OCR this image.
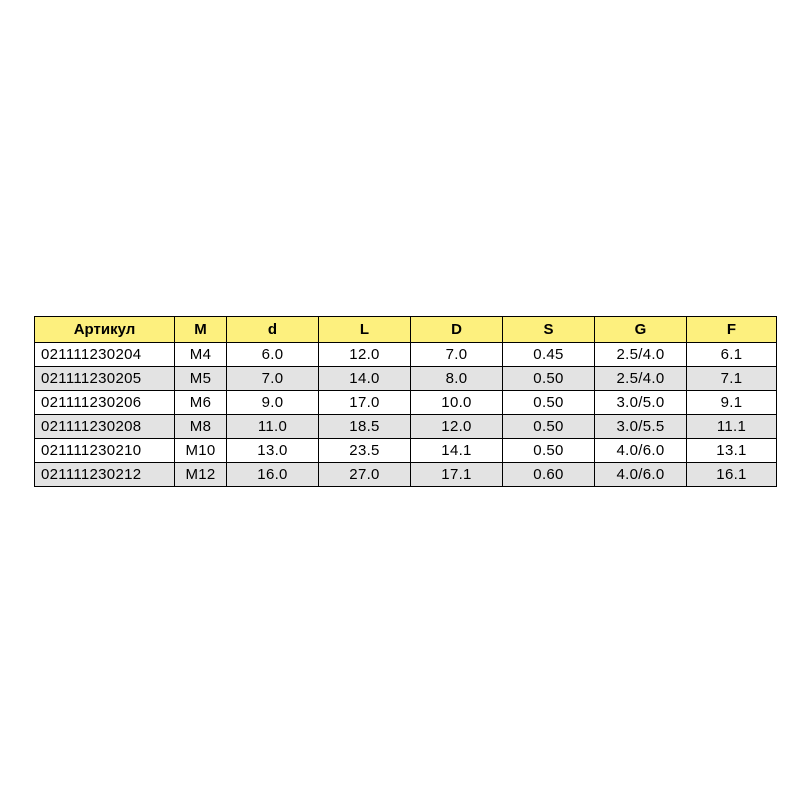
Артикул	M	d	L	D	S	G	F
021111230204	M4	6.0	12.0	7.0	0.45	2.5/4.0	6.1
021111230205	M5	7.0	14.0	8.0	0.50	2.5/4.0	7.1
021111230206	M6	9.0	17.0	10.0	0.50	3.0/5.0	9.1
021111230208	M8	11.0	18.5	12.0	0.50	3.0/5.5	11.1
021111230210	M10	13.0	23.5	14.1	0.50	4.0/6.0	13.1
021111230212	M12	16.0	27.0	17.1	0.60	4.0/6.0	16.1
